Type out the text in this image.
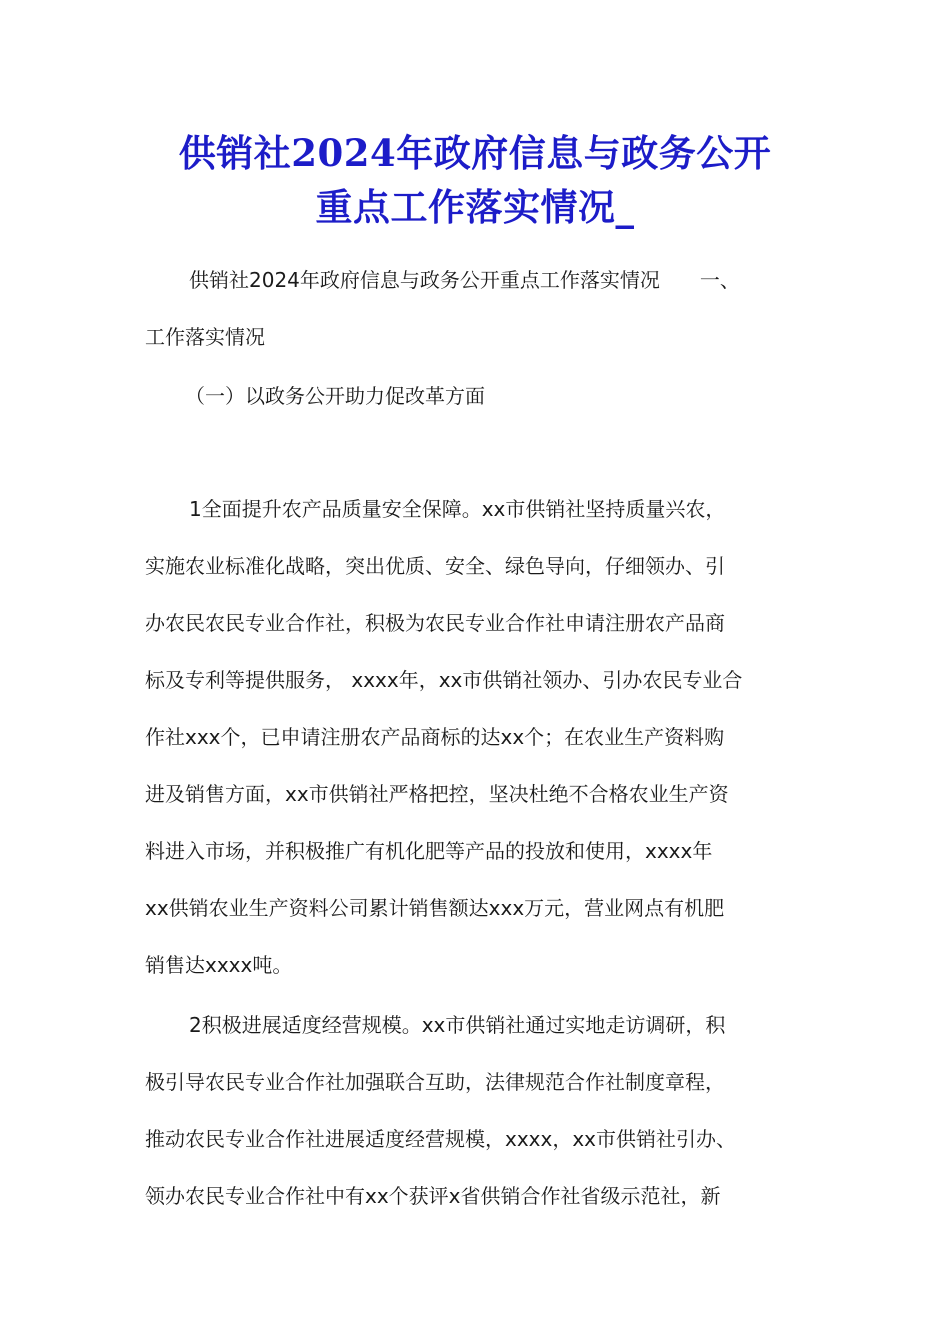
供销社2024年政府信息与政务公开
重点工作落实情况_
供销社2024年政府信息与政务公开重点工作落实情况 一、
工作落实情况
（一）以政务公开助力促改革方面
1全面提升农产品质量安全保障。xx市供销社坚持质量兴农，
实施农业标准化战略，突出优质、安全、绿色导向，仔细领办、引
办农民农民专业合作社，积极为农民专业合作社申请注册农产品商
标及专利等提供服务， xxxx年，xx市供销社领办、引办农民专业合
作社xxx个，已申请注册农产品商标的达xx个；在农业生产资料购
进及销售方面，xx市供销社严格把控，坚决杜绝不合格农业生产资
料进入市场，并积极推广有机化肥等产品的投放和使用，xxxx年
xx供销农业生产资料公司累计销售额达xxx万元，营业网点有机肥
销售达xxxx吨。
2积极进展适度经营规模。xx市供销社通过实地走访调研，积
极引导农民专业合作社加强联合互助，法律规范合作社制度章程，
推动农民专业合作社进展适度经营规模，xxxx，xx市供销社引办、
领办农民专业合作社中有xx个获评x省供销合作社省级示范社，新
